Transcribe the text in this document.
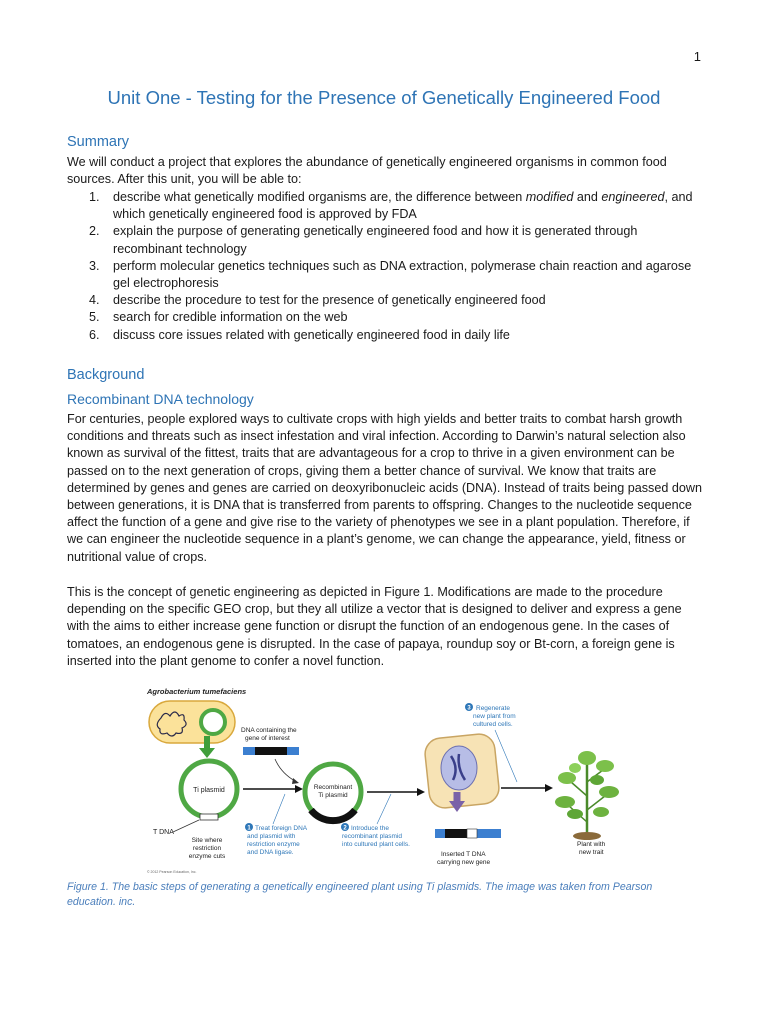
1
Unit One - Testing for the Presence of Genetically Engineered Food
Summary

We will conduct a project that explores the abundance of genetically engineered organisms in common food sources. After this unit, you will be able to:

1. describe what genetically modified organisms are, the difference between modified and engineered, and which genetically engineered food is approved by FDA
2. explain the purpose of generating genetically engineered food and how it is generated through recombinant technology
3. perform molecular genetics techniques such as DNA extraction, polymerase chain reaction and agarose gel electrophoresis
4. describe the procedure to test for the presence of genetically engineered food
5. search for credible information on the web
6. discuss core issues related with genetically engineered food in daily life
Background
Recombinant DNA technology

For centuries, people explored ways to cultivate crops with high yields and better traits to combat harsh growth conditions and threats such as insect infestation and viral infection. According to Darwin’s natural selection also known as survival of the fittest, traits that are advantageous for a crop to thrive in a given environment can be passed on to the next generation of crops, giving them a better chance of survival. We know that traits are determined by genes and genes are carried on deoxyribonucleic acids (DNA). Instead of traits being passed down between generations, it is DNA that is transferred from parents to offspring. Changes to the nucleotide sequence affect the function of a gene and give rise to the variety of phenotypes we see in a plant population. Therefore, if we can engineer the nucleotide sequence in a plant’s genome, we can change the appearance, yield, fitness or nutritional value of crops.

This is the concept of genetic engineering as depicted in Figure 1. Modifications are made to the procedure depending on the specific GEO crop, but they all utilize a vector that is designed to deliver and express a gene with the aims to either increase gene function or disrupt the function of an endogenous gene. In the cases of tomatoes, an endogenous gene is disrupted. In the case of papaya, roundup soy or Bt-corn, a foreign gene is inserted into the plant genome to confer a novel function.

Agrobacterium tumefaciens
Ti plasmid
T DNA
Site where
restriction
enzyme cuts
© 2012 Pearson Education, Inc.
DNA containing the
gene of interest
Recombinant
Ti plasmid
1 Treat foreign DNA
and plasmid with
restriction enzyme
and DNA ligase.
2 Introduce the
recombinant plasmid
into cultured plant cells.
Inserted T DNA
carrying new gene
3 Regenerate
new plant from
cultured cells.
Plant with
new trait

Figure 1. The basic steps of generating a genetically engineered plant using Ti plasmids. The image was taken from Pearson education. inc.
